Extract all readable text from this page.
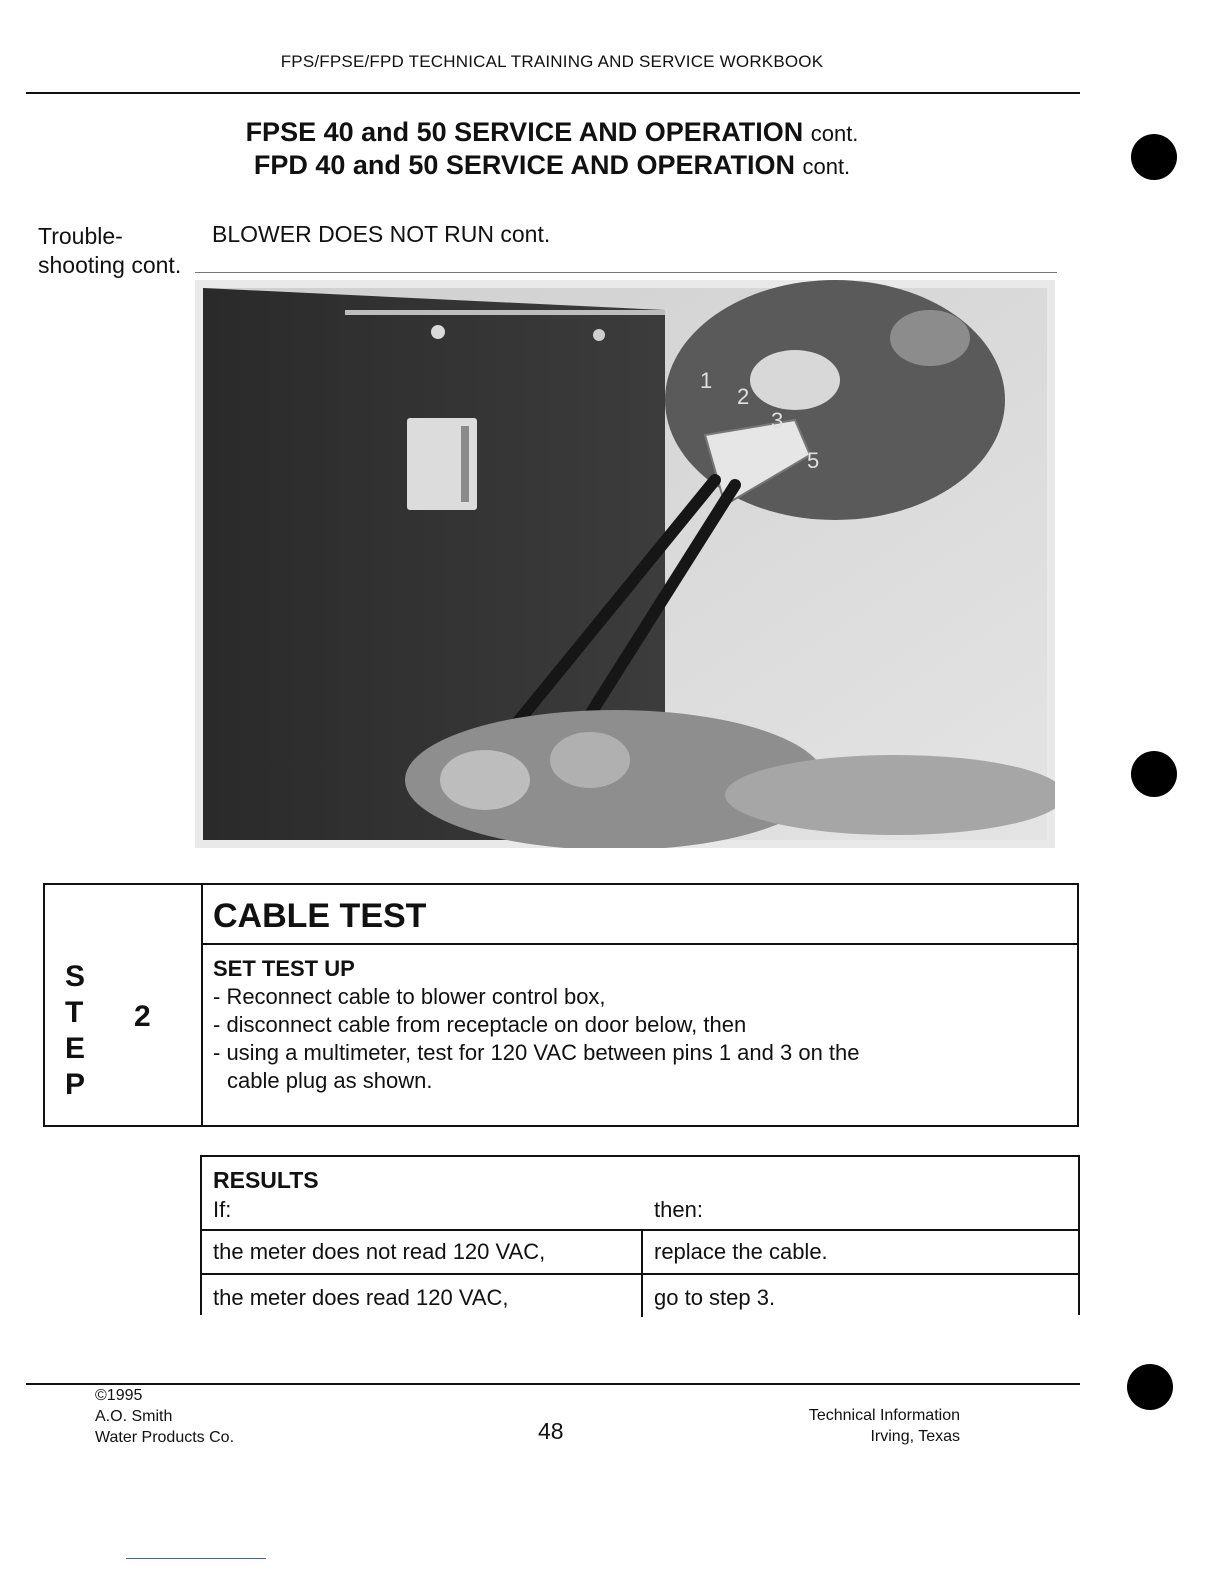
FPS/FPSE/FPD TECHNICAL TRAINING AND SERVICE WORKBOOK
FPSE 40 and 50 SERVICE AND OPERATION cont.
FPD 40 and 50 SERVICE AND OPERATION cont.
Trouble-
shooting cont.
BLOWER DOES NOT RUN cont.
1
2
3
5
S
T
E
P
2
CABLE TEST
SET TEST UP
- Reconnect cable to blower control box,
- disconnect cable from receptacle on door below, then
- using a multimeter, test for 120 VAC between pins 1 and 3 on the
cable plug as shown.
RESULTS
If:	then:
the meter does not read 120 VAC,	replace the cable.
the meter does read 120 VAC,	go to step 3.
©1995
A.O. Smith
Water Products Co.	48
Technical Information
Irving, Texas
